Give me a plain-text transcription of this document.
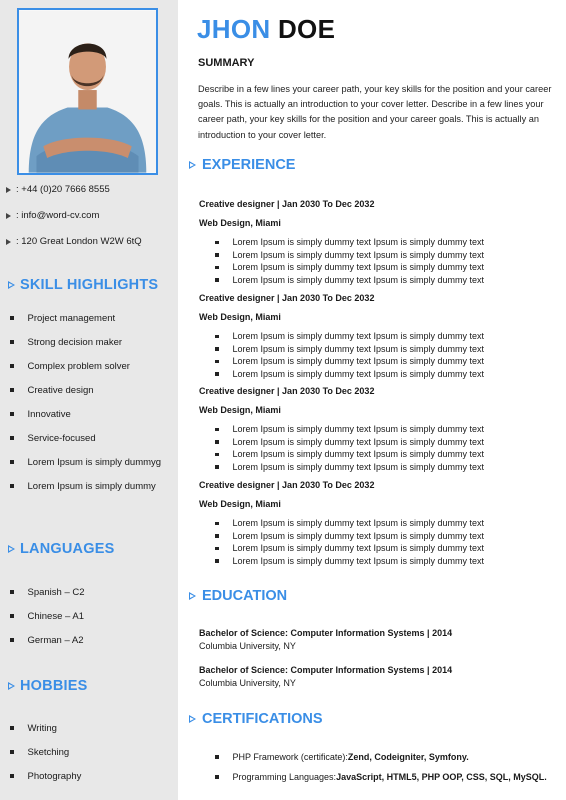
: +44 (0)20 7666 8555
: info@word-cv.com
: 120 Great London W2W 6tQ
SKILL HIGHLIGHTS
Project management
Strong decision maker
Complex problem solver
Creative design
Innovative
Service-focused
Lorem Ipsum is simply dummyg
Lorem Ipsum is simply dummy
LANGUAGES
Spanish – C2
Chinese – A1
German – A2
HOBBIES
Writing
Sketching
Photography
JHON DOE
SUMMARY
Describe in a few lines your career path, your key skills for the position and your career goals. This is actually an introduction to your cover letter. Describe in a few lines your career path, your key skills for the position and your career goals. This is actually an introduction to your cover letter.
EXPERIENCE
Creative designer | Jan 2030 To Dec 2032
Web Design, Miami
Lorem Ipsum is simply dummy text Ipsum is simply dummy text
Lorem Ipsum is simply dummy text Ipsum is simply dummy text
Lorem Ipsum is simply dummy text Ipsum is simply dummy text
Lorem Ipsum is simply dummy text Ipsum is simply dummy text
Creative designer | Jan 2030 To Dec 2032
Web Design, Miami
Lorem Ipsum is simply dummy text Ipsum is simply dummy text
Lorem Ipsum is simply dummy text Ipsum is simply dummy text
Lorem Ipsum is simply dummy text Ipsum is simply dummy text
Lorem Ipsum is simply dummy text Ipsum is simply dummy text
Creative designer | Jan 2030 To Dec 2032
Web Design, Miami
Lorem Ipsum is simply dummy text Ipsum is simply dummy text
Lorem Ipsum is simply dummy text Ipsum is simply dummy text
Lorem Ipsum is simply dummy text Ipsum is simply dummy text
Lorem Ipsum is simply dummy text Ipsum is simply dummy text
Creative designer | Jan 2030 To Dec 2032
Web Design, Miami
Lorem Ipsum is simply dummy text Ipsum is simply dummy text
Lorem Ipsum is simply dummy text Ipsum is simply dummy text
Lorem Ipsum is simply dummy text Ipsum is simply dummy text
Lorem Ipsum is simply dummy text Ipsum is simply dummy text
EDUCATION
Bachelor of Science: Computer Information Systems | 2014
Columbia University, NY
Bachelor of Science: Computer Information Systems | 2014
Columbia University, NY
CERTIFICATIONS
PHP Framework (certificate): Zend, Codeigniter, Symfony.
Programming Languages: JavaScript, HTML5, PHP OOP, CSS, SQL, MySQL.
